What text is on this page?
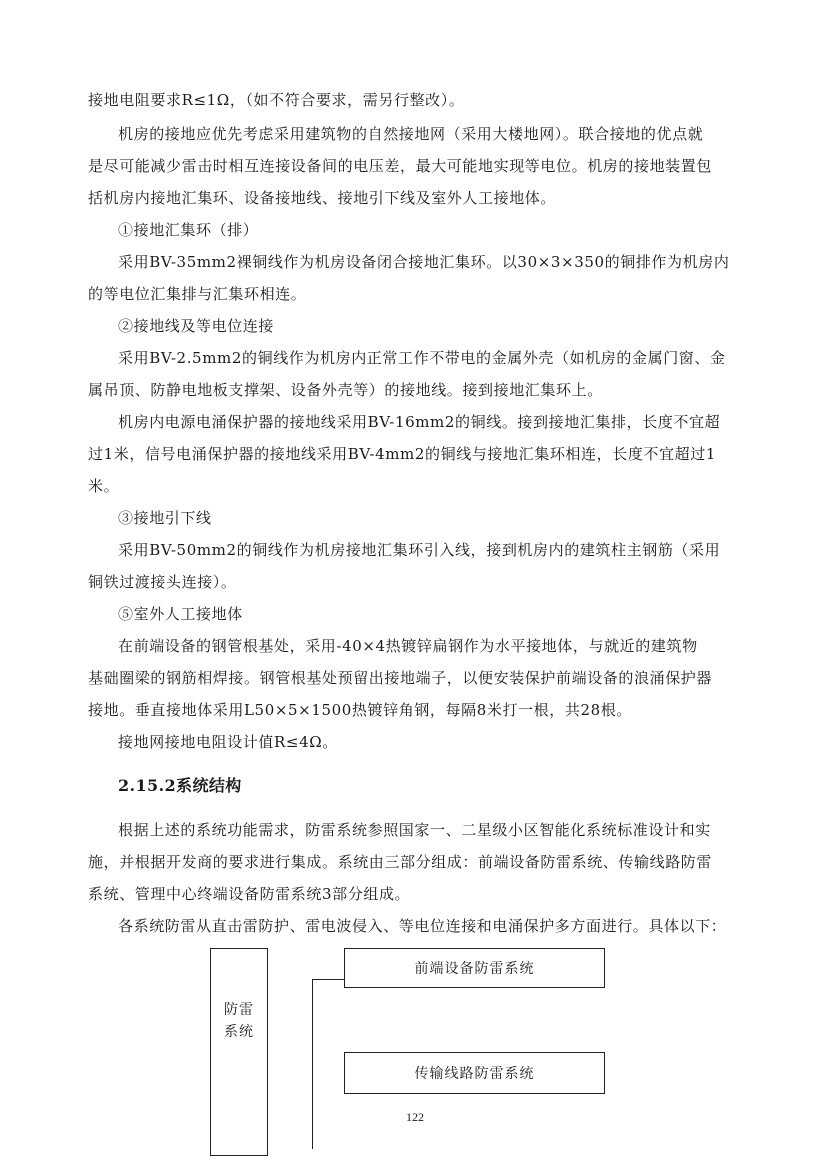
接地电阻要求R≤1Ω，（如不符合要求，需另行整改）。
机房的接地应优先考虑采用建筑物的自然接地网（采用大楼地网）。联合接地的优点就
是尽可能减少雷击时相互连接设备间的电压差，最大可能地实现等电位。机房的接地装置包
括机房内接地汇集环、设备接地线、接地引下线及室外人工接地体。
①接地汇集环（排）
采用BV-35mm2裸铜线作为机房设备闭合接地汇集环。以30×3×350的铜排作为机房内
的等电位汇集排与汇集环相连。
②接地线及等电位连接
采用BV-2.5mm2的铜线作为机房内正常工作不带电的金属外壳（如机房的金属门窗、金
属吊顶、防静电地板支撑架、设备外壳等）的接地线。接到接地汇集环上。
机房内电源电涌保护器的接地线采用BV-16mm2的铜线。接到接地汇集排，长度不宜超
过1米，信号电涌保护器的接地线采用BV-4mm2的铜线与接地汇集环相连，长度不宜超过1
米。
③接地引下线
采用BV-50mm2的铜线作为机房接地汇集环引入线，接到机房内的建筑柱主钢筋（采用
铜铁过渡接头连接）。
⑤室外人工接地体
在前端设备的钢管根基处，采用-40×4热镀锌扁钢作为水平接地体，与就近的建筑物
基础圈梁的钢筋相焊接。钢管根基处预留出接地端子，以便安装保护前端设备的浪涌保护器
接地。垂直接地体采用L50×5×1500热镀锌角钢，每隔8米打一根，共28根。
接地网接地电阻设计值R≤4Ω。
2.15.2系统结构
根据上述的系统功能需求，防雷系统参照国家一、二星级小区智能化系统标准设计和实
施，并根据开发商的要求进行集成。系统由三部分组成：前端设备防雷系统、传输线路防雷
系统、管理中心终端设备防雷系统3部分组成。
各系统防雷从直击雷防护、雷电波侵入、等电位连接和电涌保护多方面进行。具体以下：
防雷
系统
前端设备防雷系统
传输线路防雷系统
122
